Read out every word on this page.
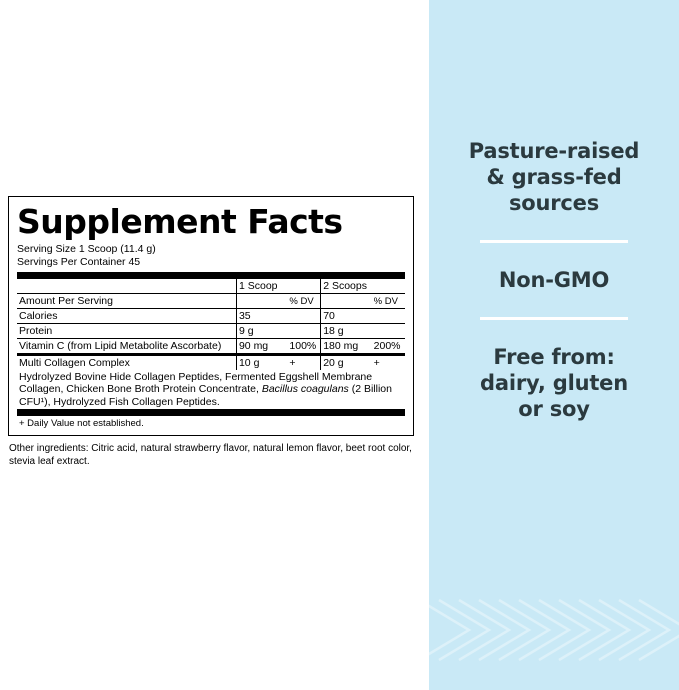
Supplement Facts
Serving Size 1 Scoop (11.4 g)
Servings Per Container 45
	1 Scoop		2 Scoops	
Amount Per Serving		% DV		% DV
Calories	35		70	
Protein	9 g		18 g	
Vitamin C (from Lipid Metabolite Ascorbate)	90 mg	100%	180 mg	200%
Multi Collagen Complex	10 g	+	20 g	+
Hydrolyzed Bovine Hide Collagen Peptides, Fermented Eggshell Membrane Collagen, Chicken Bone Broth Protein Concentrate, Bacillus coagulans (2 Billion CFU¹), Hydrolyzed Fish Collagen Peptides.
+ Daily Value not established.
Other ingredients: Citric acid, natural strawberry flavor, natural lemon flavor, beet root color, stevia leaf extract.
Pasture-raised
& grass-fed
sources
Non-GMO
Free from:
dairy, gluten
or soy
